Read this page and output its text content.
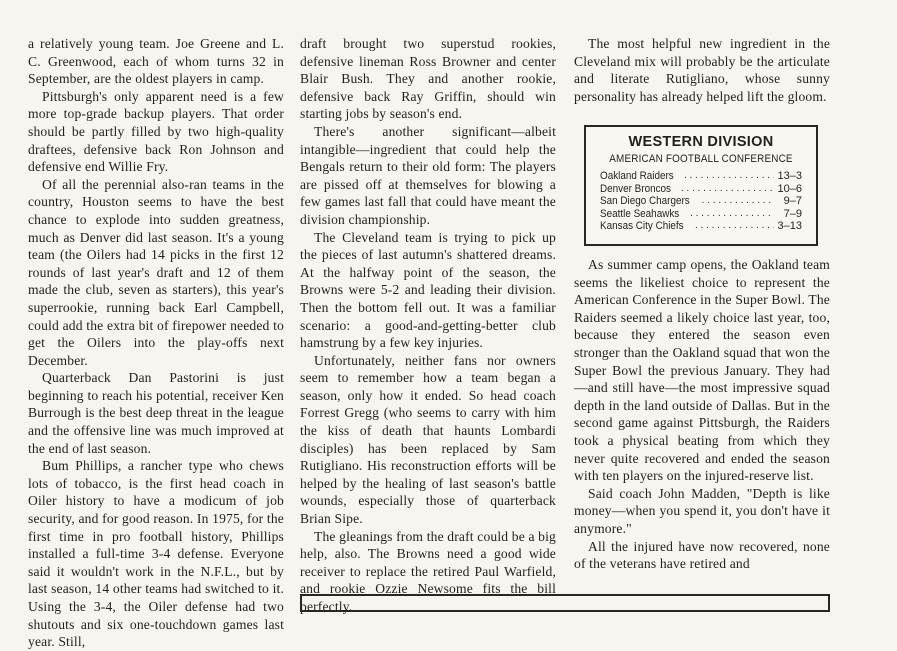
a relatively young team. Joe Greene and L. C. Greenwood, each of whom turns 32 in September, are the oldest players in camp.

Pittsburgh's only apparent need is a few more top-grade backup players. That order should be partly filled by two high-quality draftees, defensive back Ron Johnson and defensive end Willie Fry.

Of all the perennial also-ran teams in the country, Houston seems to have the best chance to explode into sudden greatness, much as Denver did last season. It's a young team (the Oilers had 14 picks in the first 12 rounds of last year's draft and 12 of them made the club, seven as starters), this year's superrookie, running back Earl Campbell, could add the extra bit of firepower needed to get the Oilers into the play-offs next December.

Quarterback Dan Pastorini is just beginning to reach his potential, receiver Ken Burrough is the best deep threat in the league and the offensive line was much improved at the end of last season.

Bum Phillips, a rancher type who chews lots of tobacco, is the first head coach in Oiler history to have a modicum of job security, and for good reason. In 1975, for the first time in pro football history, Phillips installed a full-time 3-4 defense. Everyone said it wouldn't work in the N.F.L., but by last season, 14 other teams had switched to it. Using the 3-4, the Oiler defense had two shutouts and six one-touchdown games last year. Still,

draft brought two superstud rookies, defensive lineman Ross Browner and center Blair Bush. They and another rookie, defensive back Ray Griffin, should win starting jobs by season's end.

There's another significant—albeit intangible—ingredient that could help the Bengals return to their old form: The players are pissed off at themselves for blowing a few games last fall that could have meant the division championship.

The Cleveland team is trying to pick up the pieces of last autumn's shattered dreams. At the halfway point of the season, the Browns were 5-2 and leading their division. Then the bottom fell out. It was a familiar scenario: a good-and-getting-better club hamstrung by a few key injuries.

Unfortunately, neither fans nor owners seem to remember how a team began a season, only how it ended. So head coach Forrest Gregg (who seems to carry with him the kiss of death that haunts Lombardi disciples) has been replaced by Sam Rutigliano. His reconstruction efforts will be helped by the healing of last season's battle wounds, especially those of quarterback Brian Sipe.

The gleanings from the draft could be a big help, also. The Browns need a good wide receiver to replace the retired Paul Warfield, and rookie Ozzie Newsome fits the bill perfectly.

The most helpful new ingredient in the Cleveland mix will probably be the articulate and literate Rutigliano, whose sunny personality has already helped lift the gloom.

WESTERN DIVISION
AMERICAN FOOTBALL CONFERENCE
Oakland Raiders . . .	13–3
Denver Broncos . . .	10–6
San Diego Chargers . . .	9–7
Seattle Seahawks . . .	7–9
Kansas City Chiefs . . .	3–13

As summer camp opens, the Oakland team seems the likeliest choice to represent the American Conference in the Super Bowl. The Raiders seemed a likely choice last year, too, because they entered the season even stronger than the Oakland squad that won the Super Bowl the previous January. They had—and still have—the most impressive squad depth in the land outside of Dallas. But in the second game against Pittsburgh, the Raiders took a physical beating from which they never quite recovered and ended the season with ten players on the injured-reserve list.

Said coach John Madden, "Depth is like money—when you spend it, you don't have it anymore."

All the injured have now recovered, none of the veterans have retired and
